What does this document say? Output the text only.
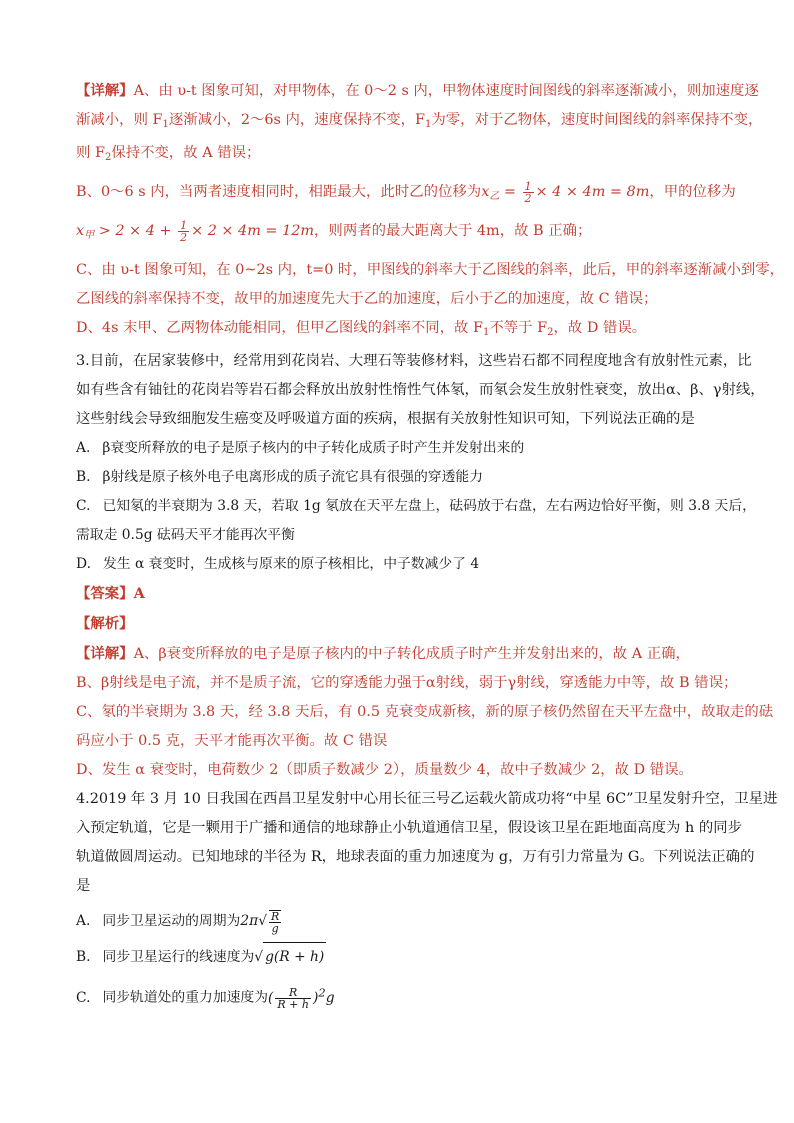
【详解】A、由 υ-t 图象可知，对甲物体，在 0～2 s 内，甲物体速度时间图线的斜率逐渐减小，则加速度逐

渐减小，则 $F_1$逐渐减小，2～6s 内，速度保持不变，$F_1$为零，对于乙物体，速度时间图线的斜率保持不变，

则 $F_2$保持不变，故 A 错误；

B、0～6 s 内，当两者速度相同时，相距最大，此时乙的位移为$x_乙 = \frac{1}{2} \times 4 \times 4m = 8m$，甲的位移为

$x_甲 > 2 \times 4 + \frac{1}{2} \times 2 \times 4m = 12m$，则两者的最大距离大于 4m，故 B 正确；

C、由 υ-t 图象可知，在 0~2s 内，t=0 时，甲图线的斜率大于乙图线的斜率，此后，甲的斜率逐渐减小到零，

乙图线的斜率保持不变，故甲的加速度先大于乙的加速度，后小于乙的加速度，故 C 错误；

D、4s 末甲、乙两物体动能相同，但甲乙图线的斜率不同，故 $F_1$不等于 $F_2$，故 D 错误。

3.目前，在居家装修中，经常用到花岗岩、大理石等装修材料，这些岩石都不同程度地含有放射性元素，比

如有些含有铀钍的花岗岩等岩石都会释放出放射性惰性气体氡，而氡会发生放射性衰变，放出α、β、γ射线，

这些射线会导致细胞发生癌变及呼吸道方面的疾病，根据有关放射性知识可知，下列说法正确的是

A. β衰变所释放的电子是原子核内的中子转化成质子时产生并发射出来的

B. β射线是原子核外电子电离形成的质子流它具有很强的穿透能力

C. 已知氡的半衰期为 3.8 天，若取 1g 氡放在天平左盘上，砝码放于右盘，左右两边恰好平衡，则 3.8 天后，

需取走 0.5g 砝码天平才能再次平衡

D. 发生 α 衰变时，生成核与原来的原子核相比，中子数减少了 4

【答案】A

【解析】

【详解】A、β衰变所释放的电子是原子核内的中子转化成质子时产生并发射出来的，故 A 正确，

B、β射线是电子流，并不是质子流，它的穿透能力强于α射线，弱于γ射线，穿透能力中等，故 B 错误；

C、氡的半衰期为 3.8 天，经 3.8 天后，有 0.5 克衰变成新核，新的原子核仍然留在天平左盘中，故取走的砝

码应小于 0.5 克，天平才能再次平衡。故 C 错误

D、发生 α 衰变时，电荷数少 2（即质子数减少 2），质量数少 4，故中子数减少 2，故 D 错误。

4.2019 年 3 月 10 日我国在西昌卫星发射中心用长征三号乙运载火箭成功将“中星 6C”卫星发射升空，卫星进

入预定轨道，它是一颗用于广播和通信的地球静止小轨道通信卫星，假设该卫星在距地面高度为 h 的同步

轨道做圆周运动。已知地球的半径为 R，地球表面的重力加速度为 g，万有引力常量为 G。下列说法正确的

是

A. 同步卫星运动的周期为$2\pi√ \frac{R}{g}$

B. 同步卫星运行的线速度为√ g(R + h)

C. 同步轨道处的重力加速度为( $\frac{R}{R + h} )^2g$
